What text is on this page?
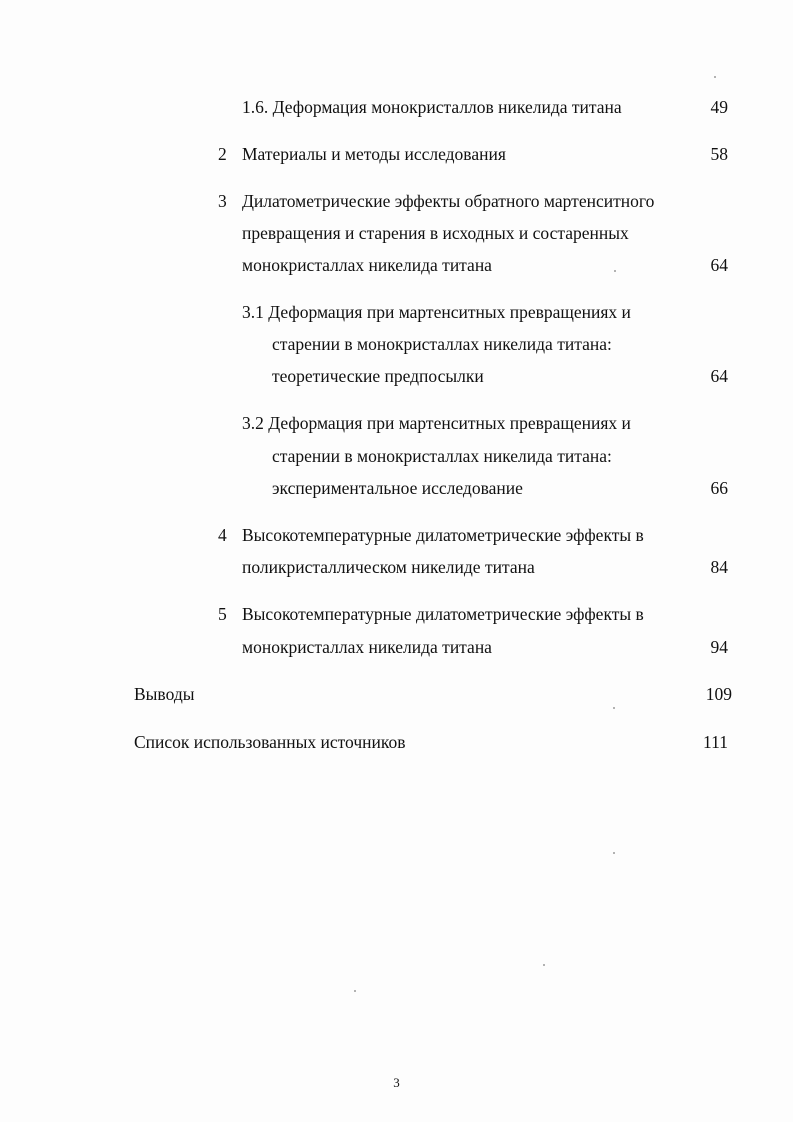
1.6. Деформация монокристаллов никелида титана	49
2 Материалы и методы исследования	58
3 Дилатометрические эффекты обратного мартенситного
превращения и старения в исходных и состаренных
монокристаллах никелида титана	64
3.1 Деформация при мартенситных превращениях и
старении в монокристаллах никелида титана:
теоретические предпосылки	64
3.2 Деформация при мартенситных превращениях и
старении в монокристаллах никелида титана:
экспериментальное исследование	66
4 Высокотемпературные дилатометрические эффекты в
поликристаллическом никелиде титана	84
5 Высокотемпературные дилатометрические эффекты в
монокристаллах никелида титана	94
Выводы	109
Список использованных источников	111
3
